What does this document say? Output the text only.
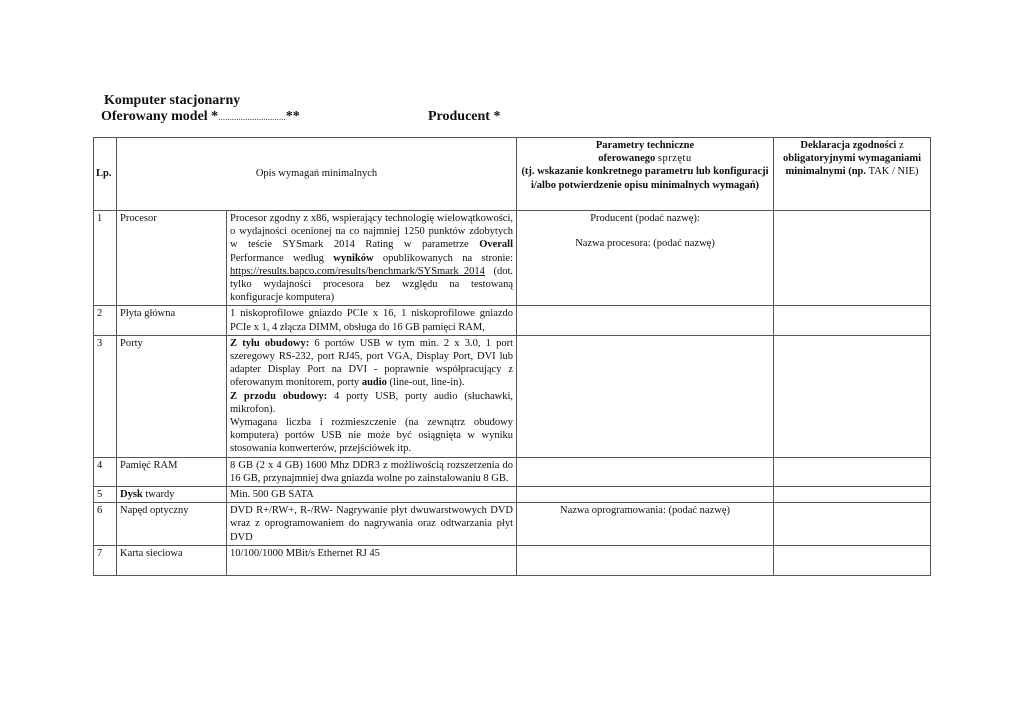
Komputer stacjonarny
Oferowany model *..............................**	Producent *
Lp.	Opis wymagań minimalnych		Parametry techniczne
oferowanego sprzętu
(tj. wskazanie konkretnego parametru lub konfiguracji i/albo potwierdzenie opisu minimalnych wymagań)	Deklaracja zgodności z obligatoryjnymi wymaganiami minimalnymi (np. TAK / NIE)
1	Procesor	Procesor zgodny z x86, wspierający technologię wielowątkowości, o wydajności ocenionej na co najmniej 1250 punktów zdobytych w teście SYSmark 2014 Rating w parametrze Overall Performance według wyników opublikowanych na stronie: https://results.bapco.com/results/benchmark/SYSmark_2014 (dot. tylko wydajności procesora bez względu na testowaną konfiguracje komputera)	Producent (podać nazwę):

Nazwa procesora: (podać nazwę)	

2	Płyta główna	1 niskoprofilowe gniazdo PCIe x 16, 1 niskoprofilowe gniazdo PCIe x 1, 4 złącza DIMM, obsługa do 16 GB pamięci RAM,		
3	Porty	Z tyłu obudowy: 6 portów USB w tym min. 2 x 3.0, 1 port szeregowy RS-232, port RJ45, port VGA, Display Port, DVI lub adapter Display Port na DVI - poprawnie współpracujący z oferowanym monitorem, porty audio (line-out, line-in).
Z przodu obudowy: 4 porty USB, porty audio (słuchawki, mikrofon).
Wymagana liczba i rozmieszczenie (na zewnątrz obudowy komputera) portów USB nie może być osiągnięta w wyniku stosowania konwerterów, przejściówek itp.		
4	Pamięć RAM	8 GB (2 x 4 GB) 1600 Mhz DDR3 z możliwością rozszerzenia do 16 GB, przynajmniej dwa gniazda wolne po zainstalowaniu 8 GB.		
5	Dysk twardy	Min. 500 GB SATA		
6	Napęd optyczny	DVD R+/RW+, R-/RW- Nagrywanie płyt dwuwarstwowych DVD wraz z oprogramowaniem do nagrywania oraz odtwarzania płyt DVD	Nazwa oprogramowania: (podać nazwę)	
7	Karta sieciowa	10/100/1000 MBit/s Ethernet RJ 45		
